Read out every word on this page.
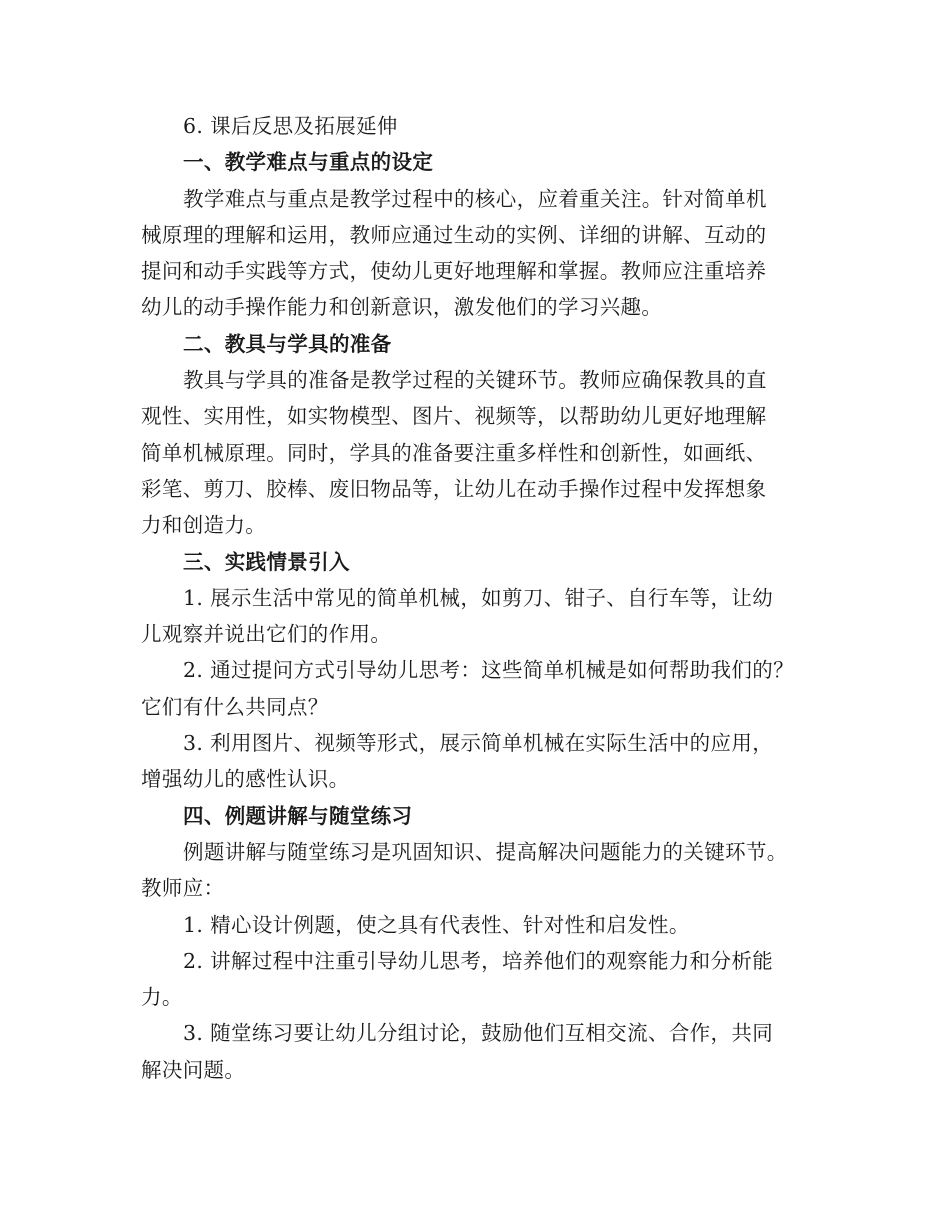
6. 课后反思及拓展延伸
一、教学难点与重点的设定
教学难点与重点是教学过程中的核心，应着重关注。针对简单机
械原理的理解和运用，教师应通过生动的实例、详细的讲解、互动的
提问和动手实践等方式，使幼儿更好地理解和掌握。教师应注重培养
幼儿的动手操作能力和创新意识，激发他们的学习兴趣。
二、教具与学具的准备
教具与学具的准备是教学过程的关键环节。教师应确保教具的直
观性、实用性，如实物模型、图片、视频等，以帮助幼儿更好地理解
简单机械原理。同时，学具的准备要注重多样性和创新性，如画纸、
彩笔、剪刀、胶棒、废旧物品等，让幼儿在动手操作过程中发挥想象
力和创造力。
三、实践情景引入
1. 展示生活中常见的简单机械，如剪刀、钳子、自行车等，让幼
儿观察并说出它们的作用。
2. 通过提问方式引导幼儿思考：这些简单机械是如何帮助我们的？
它们有什么共同点？
3. 利用图片、视频等形式，展示简单机械在实际生活中的应用，
增强幼儿的感性认识。
四、例题讲解与随堂练习
例题讲解与随堂练习是巩固知识、提高解决问题能力的关键环节。
教师应：
1. 精心设计例题，使之具有代表性、针对性和启发性。
2. 讲解过程中注重引导幼儿思考，培养他们的观察能力和分析能
力。
3. 随堂练习要让幼儿分组讨论，鼓励他们互相交流、合作，共同
解决问题。
